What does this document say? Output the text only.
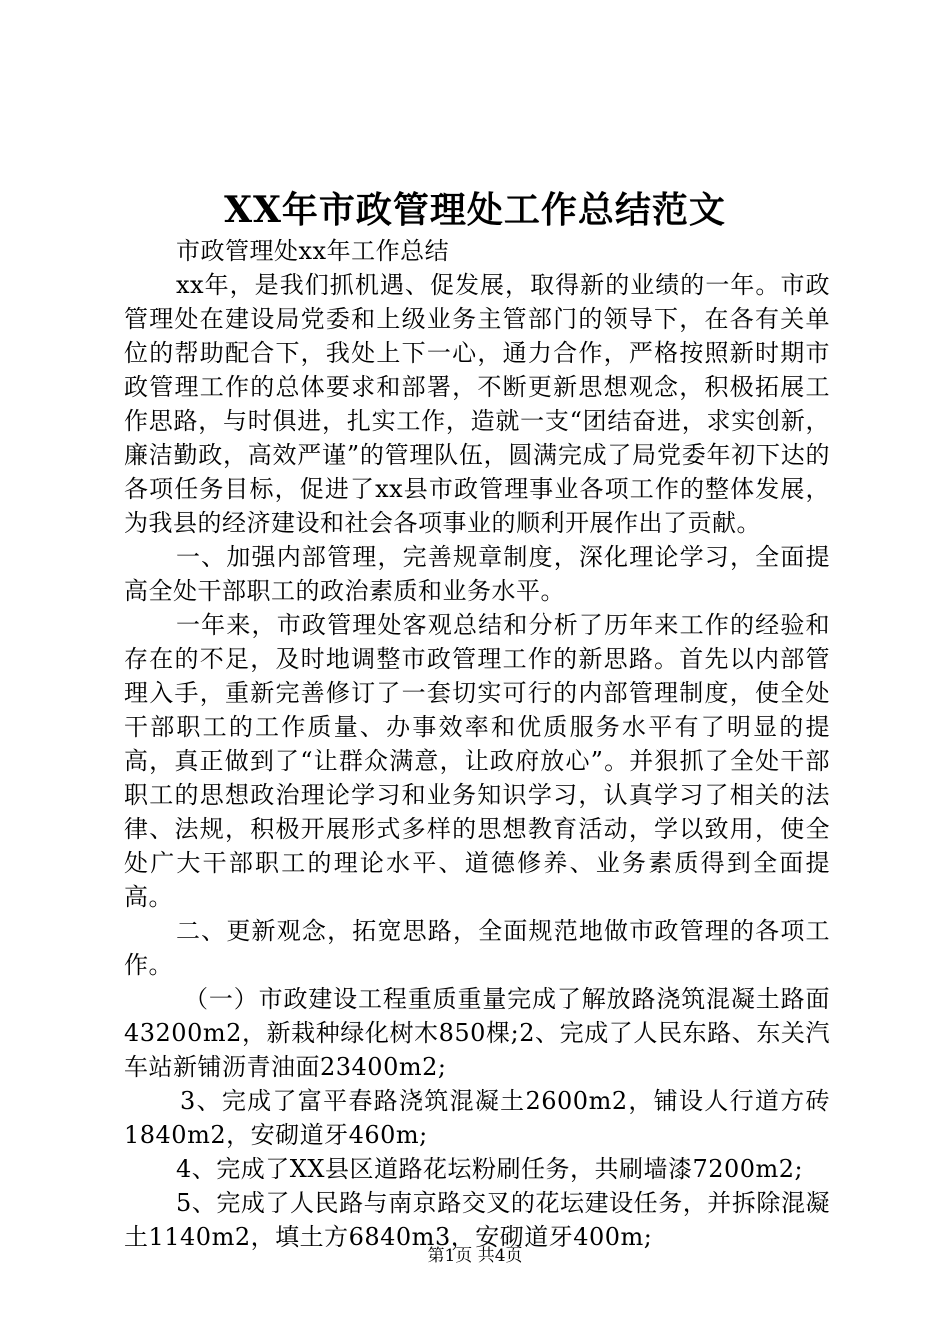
XX年市政管理处工作总结范文

市政管理处xx年工作总结

xx年，是我们抓机遇、促发展，取得新的业绩的一年。市政管理处在建设局党委和上级业务主管部门的领导下，在各有关单位的帮助配合下，我处上下一心，通力合作，严格按照新时期市政管理工作的总体要求和部署，不断更新思想观念，积极拓展工作思路，与时俱进，扎实工作，造就一支“团结奋进，求实创新，廉洁勤政，高效严谨”的管理队伍，圆满完成了局党委年初下达的各项任务目标，促进了xx县市政管理事业各项工作的整体发展，为我县的经济建设和社会各项事业的顺利开展作出了贡献。

一、加强内部管理，完善规章制度，深化理论学习，全面提高全处干部职工的政治素质和业务水平。

一年来，市政管理处客观总结和分析了历年来工作的经验和存在的不足，及时地调整市政管理工作的新思路。首先以内部管理入手，重新完善修订了一套切实可行的内部管理制度，使全处干部职工的工作质量、办事效率和优质服务水平有了明显的提高，真正做到了“让群众满意，让政府放心”。并狠抓了全处干部职工的思想政治理论学习和业务知识学习，认真学习了相关的法律、法规，积极开展形式多样的思想教育活动，学以致用，使全处广大干部职工的理论水平、道德修养、业务素质得到全面提高。

二、更新观念，拓宽思路，全面规范地做市政管理的各项工作。

（一）市政建设工程重质重量完成了解放路浇筑混凝土路面43200m2，新栽种绿化树木850棵;2、完成了人民东路、东关汽车站新铺沥青油面23400m2;

3、完成了富平春路浇筑混凝土2600m2，铺设人行道方砖1840m2，安砌道牙460m;

4、完成了XX县区道路花坛粉刷任务，共刷墙漆7200m2;

5、完成了人民路与南京路交叉的花坛建设任务，并拆除混凝土1140m2，填土方6840m3，安砌道牙400m;

第1页 共4页
